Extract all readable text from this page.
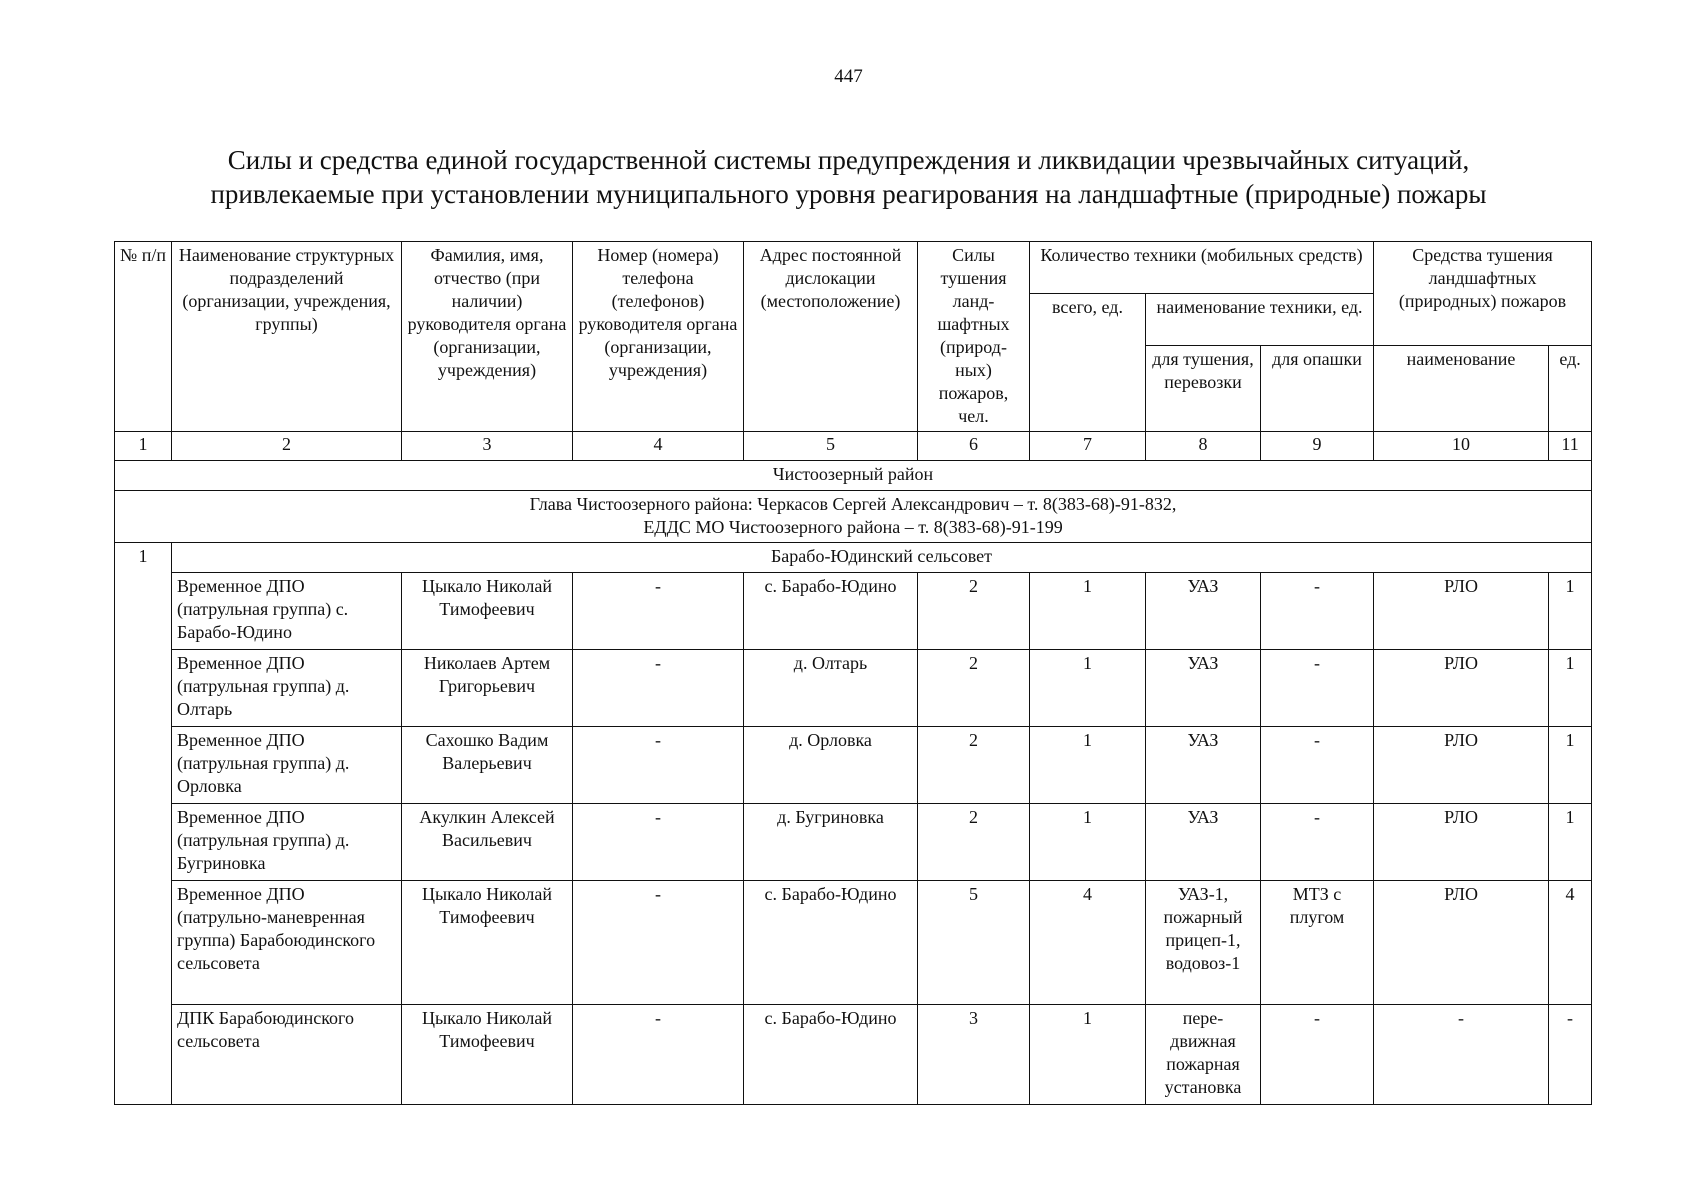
447
Силы и средства единой государственной системы предупреждения и ликвидации чрезвычайных ситуаций,
привлекаемые при установлении муниципального уровня реагирования на ландшафтные (природные) пожары
№ п/п	Наименование структурных подразделений (организации, учреждения, группы)	Фамилия, имя, отчество (при наличии) руководителя органа (организации, учреждения)	Номер (номера) телефона (телефонов) руководителя органа (организации, учреждения)	Адрес постоянной дислокации (местоположение)	Силы тушения ланд-шафтных (природ-ных) пожаров, чел.	Количество техники (мобильных средств)			Средства тушения ландшафтных (природных) пожаров	
						всего, ед.	наименование техники, ед.			
							для тушения, перевозки	для опашки	наименование	ед.
1	2	3	4	5	6	7	8	9	10	11
Чистоозерный район										

Глава Чистоозерного района: Черкасов Сергей Александрович – т. 8(383-68)-91-832,
ЕДДС МО Чистоозерного района – т. 8(383-68)-91-199										

1	Барабо-Юдинский сельсовет									
	Временное ДПО (патрульная группа) с. Барабо-Юдино	Цыкало Николай Тимофеевич	-	с. Барабо-Юдино	2	1	УАЗ	-	РЛО	1
	Временное ДПО (патрульная группа) д. Олтарь	Николаев Артем Григорьевич	-	д. Олтарь	2	1	УАЗ	-	РЛО	1
	Временное ДПО (патрульная группа) д. Орловка	Сахошко Вадим Валерьевич	-	д. Орловка	2	1	УАЗ	-	РЛО	1
	Временное ДПО (патрульная группа) д. Бугриновка	Акулкин Алексей Васильевич	-	д. Бугриновка	2	1	УАЗ	-	РЛО	1
	Временное ДПО (патрульно-маневренная группа) Барабоюдинского сельсовета	Цыкало Николай Тимофеевич	-	с. Барабо-Юдино	5	4	УАЗ-1, пожарный прицеп-1, водовоз-1	МТЗ с плугом	РЛО	4
	ДПК Барабоюдинского сельсовета	Цыкало Николай Тимофеевич	-	с. Барабо-Юдино	3	1	пере-движная пожарная установка	-	-	-
